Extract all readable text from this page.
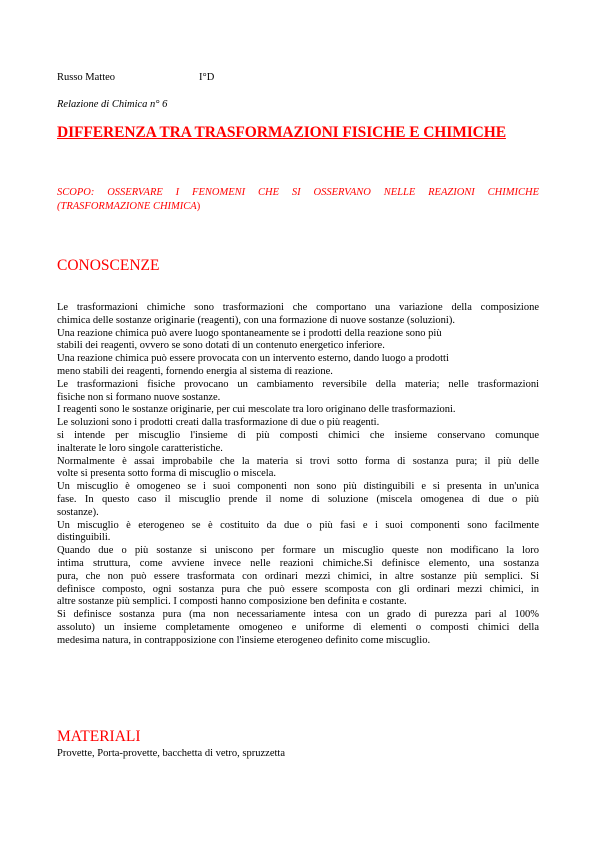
Russo Matteo	I°D
Relazione di Chimica n° 6
DIFFERENZA TRA TRASFORMAZIONI FISICHE E CHIMICHE
SCOPO: OSSERVARE I FENOMENI CHE SI OSSERVANO NELLE REAZIONI CHIMICHE (TRASFORMAZIONE CHIMICA)
CONOSCENZE
Le trasformazioni chimiche sono trasformazioni che comportano una variazione della composizione
chimica delle sostanze originarie (reagenti), con una formazione di nuove sostanze (soluzioni).
Una reazione chimica può avere luogo spontaneamente se i prodotti della reazione sono più
stabili dei reagenti, ovvero se sono dotati di un contenuto energetico inferiore.
Una reazione chimica può essere provocata con un intervento esterno, dando luogo a prodotti
meno stabili dei reagenti, fornendo energia al sistema di reazione.
Le trasformazioni fisiche provocano un cambiamento reversibile della materia; nelle trasformazioni
fisiche non si formano nuove sostanze.
I reagenti sono le sostanze originarie, per cui mescolate tra loro originano delle trasformazioni.
Le soluzioni sono i prodotti creati dalla trasformazione di due o più reagenti.
si intende per miscuglio l'insieme di più composti chimici che insieme conservano comunque
inalterate le loro singole caratteristiche.
Normalmente è assai improbabile che la materia si trovi sotto forma di sostanza pura; il più delle
volte si presenta sotto forma di miscuglio o miscela.
Un miscuglio è omogeneo se i suoi componenti non sono più distinguibili e si presenta in un'unica
fase. In questo caso il miscuglio prende il nome di soluzione (miscela omogenea di due o più
sostanze).
Un miscuglio è eterogeneo se è costituito da due o più fasi e i suoi componenti sono facilmente
distinguibili.
Quando due o più sostanze si uniscono per formare un miscuglio queste non modificano la loro
intima struttura, come avviene invece nelle reazioni chimiche.Si definisce elemento, una sostanza
pura, che non può essere trasformata con ordinari mezzi chimici, in altre sostanze più semplici. Si
definisce composto, ogni sostanza pura che può essere scomposta con gli ordinari mezzi chimici, in
altre sostanze più semplici. I composti hanno composizione ben definita e costante.
Si definisce sostanza pura (ma non necessariamente intesa con un grado di purezza pari al 100%
assoluto) un insieme completamente omogeneo e uniforme di elementi o composti chimici della
medesima natura, in contrapposizione con l'insieme eterogeneo definito come miscuglio.
MATERIALI
Provette, Porta-provette, bacchetta di vetro, spruzzetta
